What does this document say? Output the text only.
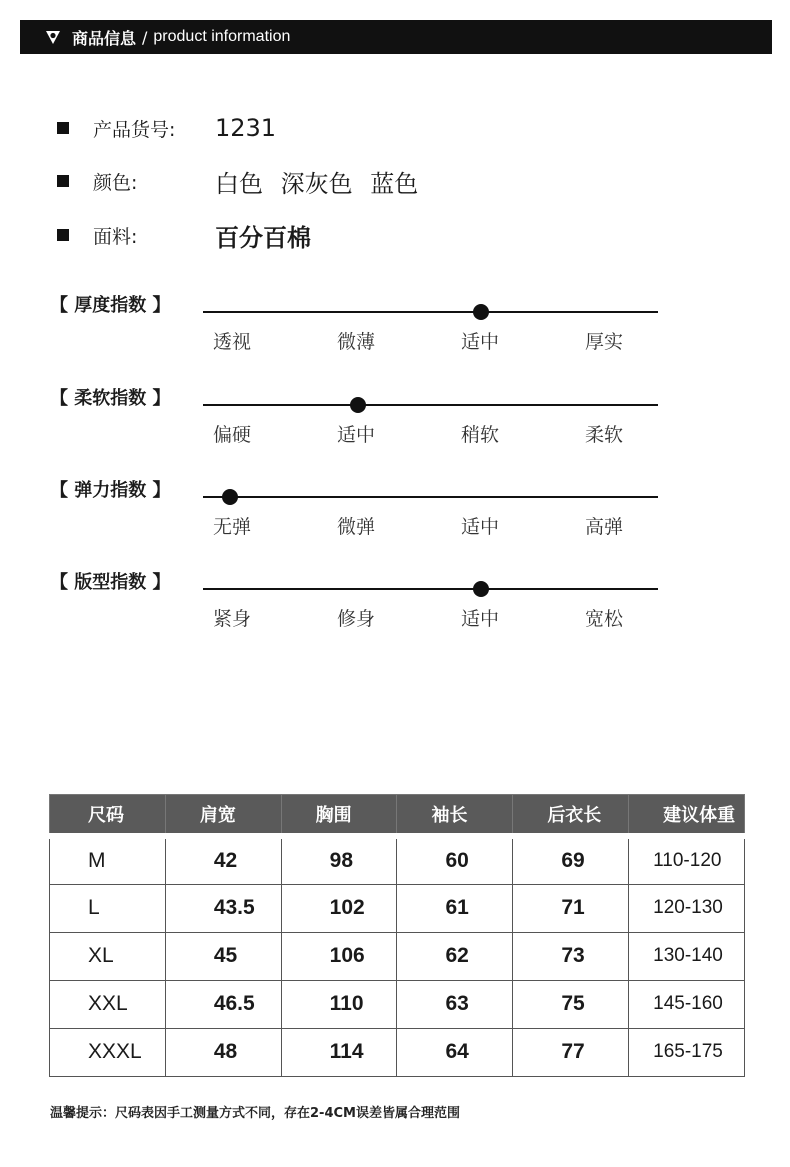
商品信息 / product information
产品货号:	1231
颜色:	白色 深灰色 蓝色
面料:	百分百棉
【 厚度指数 】
透视	微薄	适中	厚实
【 柔软指数 】
偏硬	适中	稍软	柔软
【 弹力指数 】
无弹	微弹	适中	高弹
【 版型指数 】
紧身	修身	适中	宽松
尺码	肩宽	胸围	袖长	后衣长	建议体重
M	42	98	60	69	110-120
L	43.5	102	61	71	120-130
XL	45	106	62	73	130-140
XXL	46.5	110	63	75	145-160
XXXL	48	114	64	77	165-175
温馨提示：尺码表因手工测量方式不同，存在2-4CM误差皆属合理范围
